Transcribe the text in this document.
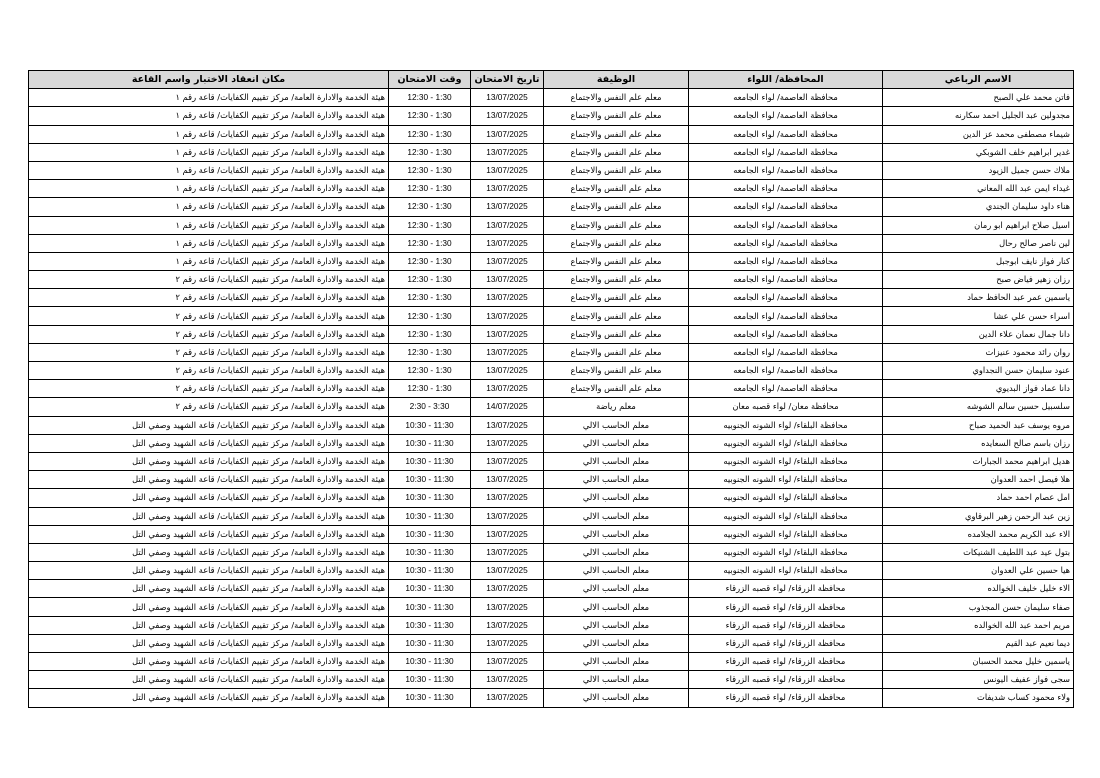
الاسم الرباعي	المحافظة/ اللواء	الوظيفة	تاريخ الامتحان	وقت الامتحان	مكان انعقاد الاختبار واسم القاعة
فاتن محمد علي الصبح	محافظة العاصمة/ لواء الجامعه	معلم علم النفس والاجتماع	13/07/2025	12:30 - 1:30	هيئة الخدمة والادارة العامة/ مركز تقييم الكفايات/ قاعة رقم ١
مجدولين عبد الجليل احمد سكارنه	محافظة العاصمة/ لواء الجامعه	معلم علم النفس والاجتماع	13/07/2025	12:30 - 1:30	هيئة الخدمة والادارة العامة/ مركز تقييم الكفايات/ قاعة رقم ١
شيماء مصطفى محمد عز الدين	محافظة العاصمة/ لواء الجامعه	معلم علم النفس والاجتماع	13/07/2025	12:30 - 1:30	هيئة الخدمة والادارة العامة/ مركز تقييم الكفايات/ قاعة رقم ١
غدير ابراهيم خلف الشوبكي	محافظة العاصمة/ لواء الجامعه	معلم علم النفس والاجتماع	13/07/2025	12:30 - 1:30	هيئة الخدمة والادارة العامة/ مركز تقييم الكفايات/ قاعة رقم ١
ملاك حسن جميل الزيود	محافظة العاصمة/ لواء الجامعه	معلم علم النفس والاجتماع	13/07/2025	12:30 - 1:30	هيئة الخدمة والادارة العامة/ مركز تقييم الكفايات/ قاعة رقم ١
غيداء ايمن عبد الله المعاني	محافظة العاصمة/ لواء الجامعه	معلم علم النفس والاجتماع	13/07/2025	12:30 - 1:30	هيئة الخدمة والادارة العامة/ مركز تقييم الكفايات/ قاعة رقم ١
هناء داود سليمان الجندي	محافظة العاصمة/ لواء الجامعه	معلم علم النفس والاجتماع	13/07/2025	12:30 - 1:30	هيئة الخدمة والادارة العامة/ مركز تقييم الكفايات/ قاعة رقم ١
اسيل صلاح ابراهيم ابو رمان	محافظة العاصمة/ لواء الجامعه	معلم علم النفس والاجتماع	13/07/2025	12:30 - 1:30	هيئة الخدمة والادارة العامة/ مركز تقييم الكفايات/ قاعة رقم ١
لين ناصر صالح رحال	محافظة العاصمة/ لواء الجامعه	معلم علم النفس والاجتماع	13/07/2025	12:30 - 1:30	هيئة الخدمة والادارة العامة/ مركز تقييم الكفايات/ قاعة رقم ١
كنار فواز نايف ابوجبل	محافظة العاصمة/ لواء الجامعه	معلم علم النفس والاجتماع	13/07/2025	12:30 - 1:30	هيئة الخدمة والادارة العامة/ مركز تقييم الكفايات/ قاعة رقم ١
رزان زهير فياض صبح	محافظة العاصمة/ لواء الجامعه	معلم علم النفس والاجتماع	13/07/2025	12:30 - 1:30	هيئة الخدمة والادارة العامة/ مركز تقييم الكفايات/ قاعة رقم ٢
ياسمين عمر عبد الحافظ حماد	محافظة العاصمة/ لواء الجامعه	معلم علم النفس والاجتماع	13/07/2025	12:30 - 1:30	هيئة الخدمة والادارة العامة/ مركز تقييم الكفايات/ قاعة رقم ٢
اسراء حسن علي عشا	محافظة العاصمة/ لواء الجامعه	معلم علم النفس والاجتماع	13/07/2025	12:30 - 1:30	هيئة الخدمة والادارة العامة/ مركز تقييم الكفايات/ قاعة رقم ٢
دانا جمال نعمان علاء الدين	محافظة العاصمة/ لواء الجامعه	معلم علم النفس والاجتماع	13/07/2025	12:30 - 1:30	هيئة الخدمة والادارة العامة/ مركز تقييم الكفايات/ قاعة رقم ٢
روان رائد محمود عنيزات	محافظة العاصمة/ لواء الجامعه	معلم علم النفس والاجتماع	13/07/2025	12:30 - 1:30	هيئة الخدمة والادارة العامة/ مركز تقييم الكفايات/ قاعة رقم ٢
عنود سليمان حسن النجداوي	محافظة العاصمة/ لواء الجامعه	معلم علم النفس والاجتماع	13/07/2025	12:30 - 1:30	هيئة الخدمة والادارة العامة/ مركز تقييم الكفايات/ قاعة رقم ٢
دانا عماد فواز البديوي	محافظة العاصمة/ لواء الجامعه	معلم علم النفس والاجتماع	13/07/2025	12:30 - 1:30	هيئة الخدمة والادارة العامة/ مركز تقييم الكفايات/ قاعة رقم ٢
سلسبيل حسين سالم الشوشه	محافظة معان/ لواء قصبه معان	معلم رياضة	14/07/2025	2:30 - 3:30	هيئة الخدمة والادارة العامة/ مركز تقييم الكفايات/ قاعة رقم ٢
مروه يوسف عبد الحميد صباح	محافظة البلقاء/ لواء الشونه الجنوبيه	معلم الحاسب الالي	13/07/2025	10:30 - 11:30	هيئة الخدمة والادارة العامة/ مركز تقييم الكفايات/ قاعة الشهيد وصفي التل
رزان باسم صالح السعايده	محافظة البلقاء/ لواء الشونه الجنوبيه	معلم الحاسب الالي	13/07/2025	10:30 - 11:30	هيئة الخدمة والادارة العامة/ مركز تقييم الكفايات/ قاعة الشهيد وصفي التل
هديل ابراهيم محمد الجبارات	محافظة البلقاء/ لواء الشونه الجنوبيه	معلم الحاسب الالي	13/07/2025	10:30 - 11:30	هيئة الخدمة والادارة العامة/ مركز تقييم الكفايات/ قاعة الشهيد وصفي التل
هلا فيصل احمد العدوان	محافظة البلقاء/ لواء الشونه الجنوبيه	معلم الحاسب الالي	13/07/2025	10:30 - 11:30	هيئة الخدمة والادارة العامة/ مركز تقييم الكفايات/ قاعة الشهيد وصفي التل
امل عصام احمد حماد	محافظة البلقاء/ لواء الشونه الجنوبيه	معلم الحاسب الالي	13/07/2025	10:30 - 11:30	هيئة الخدمة والادارة العامة/ مركز تقييم الكفايات/ قاعة الشهيد وصفي التل
زين عبد الرحمن زهير البرقاوي	محافظة البلقاء/ لواء الشونه الجنوبيه	معلم الحاسب الالي	13/07/2025	10:30 - 11:30	هيئة الخدمة والادارة العامة/ مركز تقييم الكفايات/ قاعة الشهيد وصفي التل
الاء عبد الكريم محمد الجلامده	محافظة البلقاء/ لواء الشونه الجنوبيه	معلم الحاسب الالي	13/07/2025	10:30 - 11:30	هيئة الخدمة والادارة العامة/ مركز تقييم الكفايات/ قاعة الشهيد وصفي التل
بتول عيد عبد اللطيف الشنيكات	محافظة البلقاء/ لواء الشونه الجنوبيه	معلم الحاسب الالي	13/07/2025	10:30 - 11:30	هيئة الخدمة والادارة العامة/ مركز تقييم الكفايات/ قاعة الشهيد وصفي التل
هيا حسين علي العدوان	محافظة البلقاء/ لواء الشونه الجنوبيه	معلم الحاسب الالي	13/07/2025	10:30 - 11:30	هيئة الخدمة والادارة العامة/ مركز تقييم الكفايات/ قاعة الشهيد وصفي التل
الاء خليل خليف الخوالده	محافظة الزرقاء/ لواء قصبه الزرقاء	معلم الحاسب الالي	13/07/2025	10:30 - 11:30	هيئة الخدمة والادارة العامة/ مركز تقييم الكفايات/ قاعة الشهيد وصفي التل
صفاء سليمان حسن المجذوب	محافظة الزرقاء/ لواء قصبه الزرقاء	معلم الحاسب الالي	13/07/2025	10:30 - 11:30	هيئة الخدمة والادارة العامة/ مركز تقييم الكفايات/ قاعة الشهيد وصفي التل
مريم احمد عبد الله الخوالده	محافظة الزرقاء/ لواء قصبه الزرقاء	معلم الحاسب الالي	13/07/2025	10:30 - 11:30	هيئة الخدمة والادارة العامة/ مركز تقييم الكفايات/ قاعة الشهيد وصفي التل
ديما نعيم عبد القيم	محافظة الزرقاء/ لواء قصبه الزرقاء	معلم الحاسب الالي	13/07/2025	10:30 - 11:30	هيئة الخدمة والادارة العامة/ مركز تقييم الكفايات/ قاعة الشهيد وصفي التل
ياسمين خليل محمد الحسبان	محافظة الزرقاء/ لواء قصبه الزرقاء	معلم الحاسب الالي	13/07/2025	10:30 - 11:30	هيئة الخدمة والادارة العامة/ مركز تقييم الكفايات/ قاعة الشهيد وصفي التل
سجى فواز عفيف اليونس	محافظة الزرقاء/ لواء قصبه الزرقاء	معلم الحاسب الالي	13/07/2025	10:30 - 11:30	هيئة الخدمة والادارة العامة/ مركز تقييم الكفايات/ قاعة الشهيد وصفي التل
ولاء محمود كساب شديفات	محافظة الزرقاء/ لواء قصبه الزرقاء	معلم الحاسب الالي	13/07/2025	10:30 - 11:30	هيئة الخدمة والادارة العامة/ مركز تقييم الكفايات/ قاعة الشهيد وصفي التل
